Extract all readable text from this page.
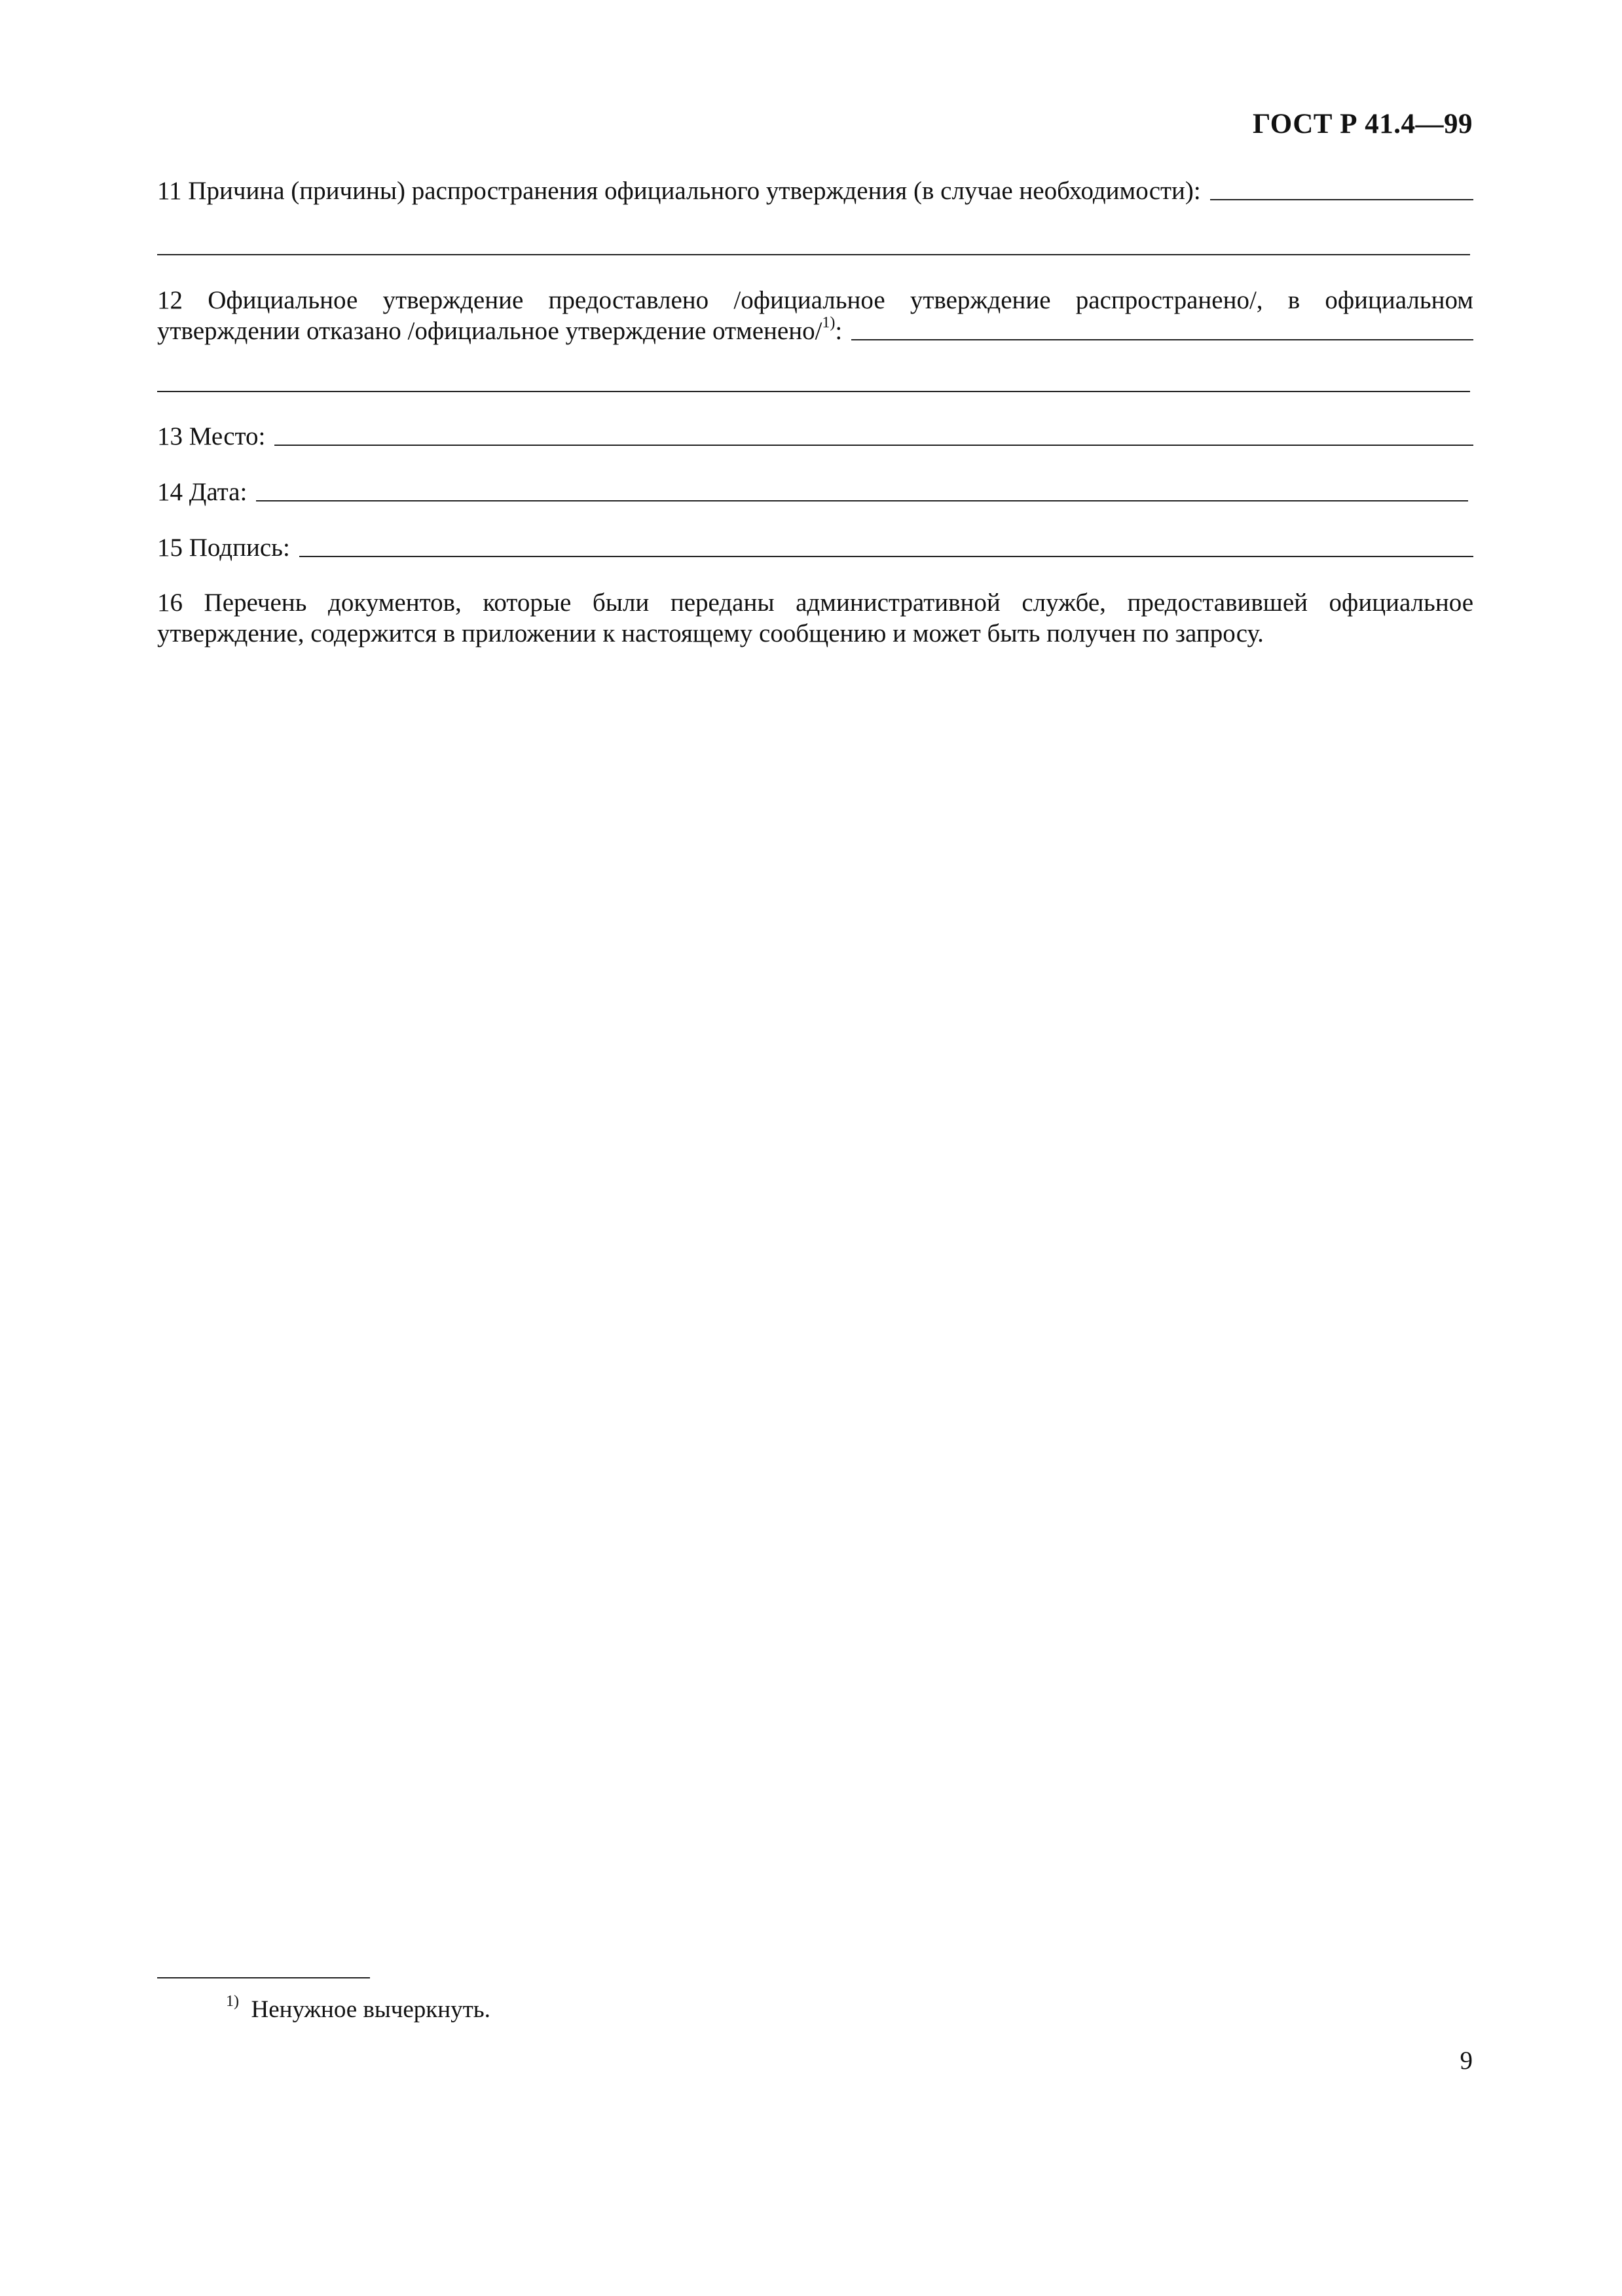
ГОСТ Р 41.4—99
11 Причина (причины) распространения официального утверждения (в случае необходимости):
12 Официальное утверждение предоставлено /официальное утверждение распространено/, в официальном
утверждении отказано /официальное утверждение отменено/$^{1)}$:
13 Место:
14 Дата:
15 Подпись:
16 Перечень документов, которые были переданы административной службе, предоставившей официальное
утверждение, содержится в приложении к настоящему сообщению и может быть получен по запросу.
$^{1)}$ Ненужное вычеркнуть.
9
